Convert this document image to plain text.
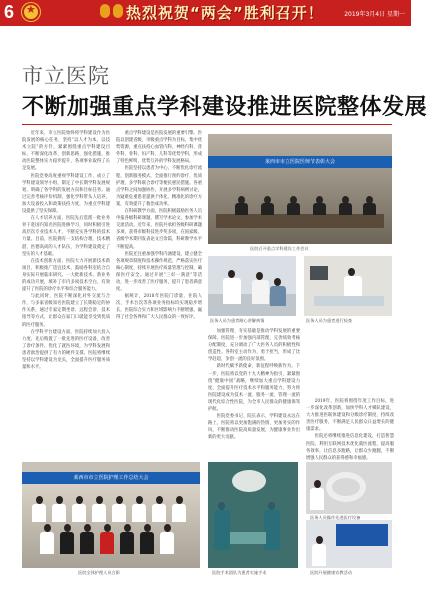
6
★	热烈祝贺“两会”胜利召开！	2019年3月4日 星期一
市立医院
不断加强重点学科建设推进医院整体发展

近年来，市立医院始终将学科建设作为医院发展的核心任务，坚持“以人才为本，以技术立院”的方针，紧紧围绕重点学科建设目标，不断深化改革、创新思路、强化措施，推动医院整体实力稳步提升，各项事业取得了长足发展。

医院党委高度重视学科建设工作，成立了学科建设领导小组，制定了中长期学科发展规划，明确了各学科的发展方向和目标任务。通过完善考核评价机制，强化学科带头人培养，加大设备投入和政策扶持力度，为重点学科建设提供了坚实保障。

在人才培养方面，医院先后选派一批业务骨干赴国内知名医院进修学习，同时积极引进高层次专业技术人才，不断充实各学科的技术力量。目前，医院拥有一支结构合理、技术精湛、医德高尚的人才队伍，为学科建设奠定了坚实的人才基础。

在技术创新方面，医院大力开展新技术新项目，积极推广适宜技术，鼓励各科室结合自身实际开展临床研究。一大批新技术、新业务的成功开展，填补了市内多项技术空白，有效提升了医院的诊疗水平和综合服务能力。

与此同时，医院不断深化对外交流与合作，与多家省级知名医院建立了长期稳定的协作关系，通过专家定期坐诊、远程会诊、技术指导等方式，让群众在家门口就能享受到优质的医疗服务。

在学科平台建设方面，医院持续加大投入力度，先后购置了一批先进的医疗设备，改善了诊疗条件，优化了就医环境，为学科发展和患者救治提供了有力的硬件支撑。医院将继续坚持以学科建设为龙头，全面提升医疗服务质量和水平。

重点学科建设是医院发展的重要引擎。医院以创建省级、市级重点学科为目标，集中优势资源，重点扶持心血管内科、神经内科、普外科、骨科、妇产科、儿科等优势学科，形成了特色鲜明、优势互补的学科发展格局。

医院坚持以患者为中心，不断优化诊疗流程，创新服务模式，全面推行预约诊疗、优质护理、多学科联合诊疗等便民惠民措施。各重点学科之间加强协作，开展多学科病例讨论，为疑难危重患者提供个体化、精准化的诊疗方案，有效提升了救治成功率。

在科研教学方面，医院积极鼓励医务人员申报各级科研课题，撰写学术论文，参加学术交流活动。近年来，医院共承担各级科研课题多项，获得市级科技进步奖多项，在国家级、省级学术期刊发表论文百余篇，科研教学水平不断提高。

医院还注重加强学科内涵建设，建立健全各项规章制度和技术操作规范，严格落实医疗核心制度，持续开展医疗质量管理与控制，确保医疗安全。通过开展“三好一满意”等活动，进一步改善了医疗服务，提升了患者满意度。

据统计，2018年医院门诊量、住院人次、手术台次等各项业务指标均实现稳步增长，医院综合实力和区域影响力不断增强，赢得了社会各界和广大人民群众的一致好评。

加强管理、夯实基础是推动学科发展的重要保障。医院进一步加强内部管理，完善绩效考核分配制度，充分调动了广大医务人员的积极性和创造性。各科室主动作为、勇于担当，形成了比学赶超、争创一流的良好氛围。

新时代赋予新使命，新征程呼唤新作为。下一步，医院将以党的十九大精神为指引，紧紧围绕“健康中国”战略，继续加大重点学科建设力度，全面提升医疗技术水平和服务能力，努力将医院建设成为技术一流、服务一流、管理一流的现代化综合性医院，为全市人民群众的健康保驾护航。

医院党委书记、院长表示，学科建设永远在路上，医院将以更加饱满的热情、更加务实的作风，不断推动医院高质量发展，为健康事业作出新的更大贡献。

2019年，医院将围绕年度工作目标，进一步深化改革创新，加快学科人才梯队建设，大力推进医联体建设和分级诊疗制度，持续改善医疗服务，不断满足人民群众日益增长的健康需求。

医院还将继续推进信息化建设，打造智慧医院，利用互联网技术优化就医流程，提高服务效率，让信息多跑路，让群众少跑腿，不断增强人民群众的获得感和幸福感。

莱西市市立医院医师节表彰大会
医院召开重点学科建设工作会议
医务人员为患者耐心讲解病情	医务人员为患者进行检查
莱西市市立医院护理工作总结大会
医院全体护理人员合影	医院手术团队为患者实施手术
医务人员操作先进医疗设备
医院开展健康宣教活动
